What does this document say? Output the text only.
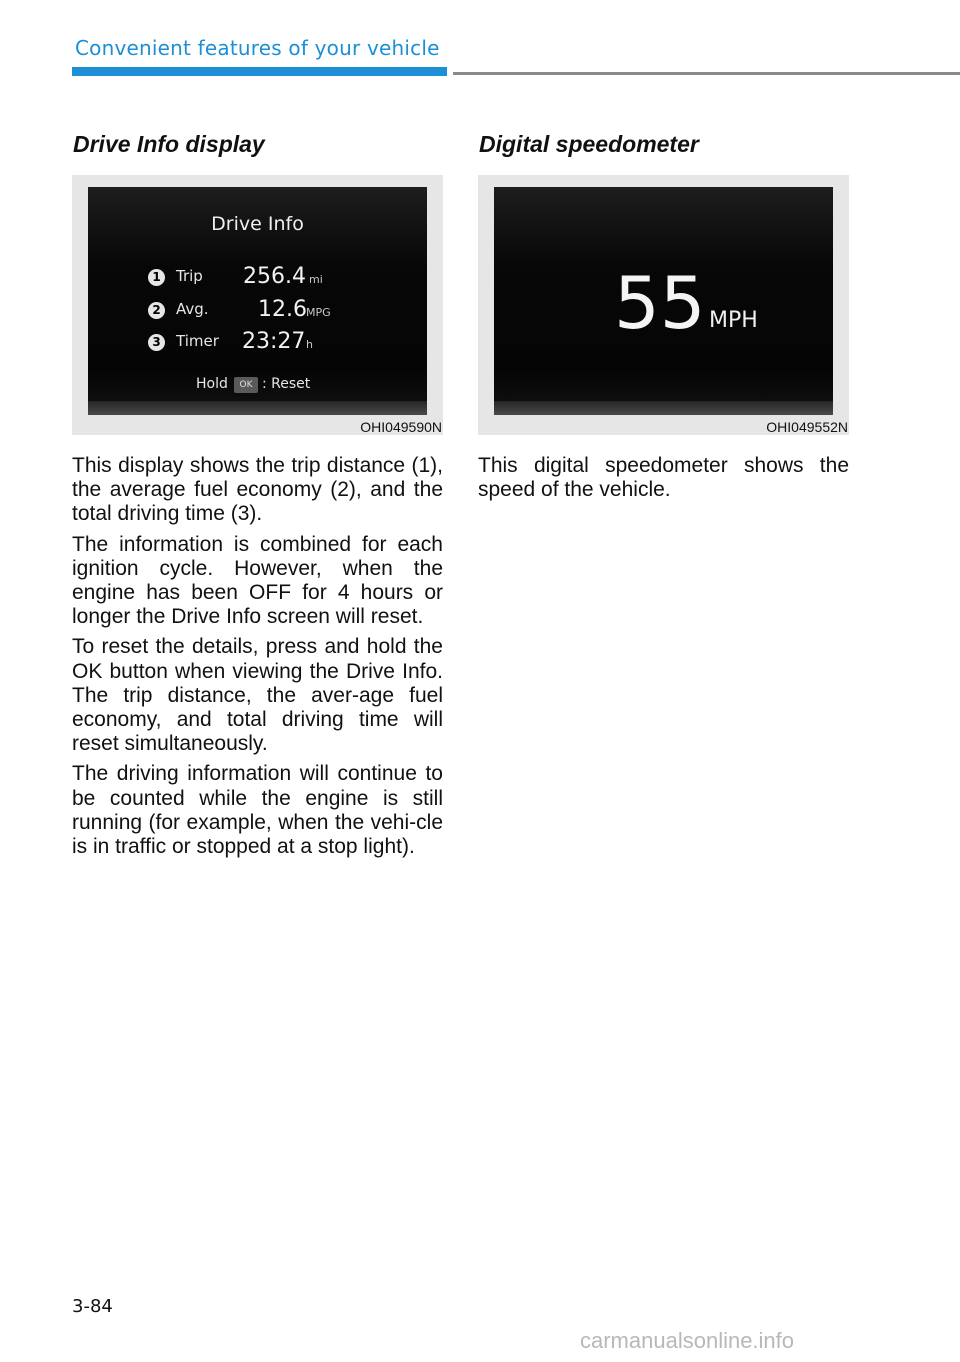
Convenient features of your vehicle
Drive Info display
Drive Info
1 Trip 256.4 mi
2 Avg. 12.6 MPG
3 Timer 23:27 h
Hold	OK : Reset
OHI049590N

This display shows the trip distance (1), the average fuel economy (2), and the total driving time (3).

The information is combined for each ignition cycle. However, when the engine has been OFF for 4 hours or longer the Drive Info screen will reset.

To reset the details, press and hold the OK button when viewing the Drive Info. The trip distance, the aver-age fuel economy, and total driving time will reset simultaneously.

The driving information will continue to be counted while the engine is still running (for example, when the vehi-cle is in traffic or stopped at a stop light).

Digital speedometer
55 MPH
OHI049552N

This digital speedometer shows the speed of the vehicle.

3-84
carmanualsonline.info
